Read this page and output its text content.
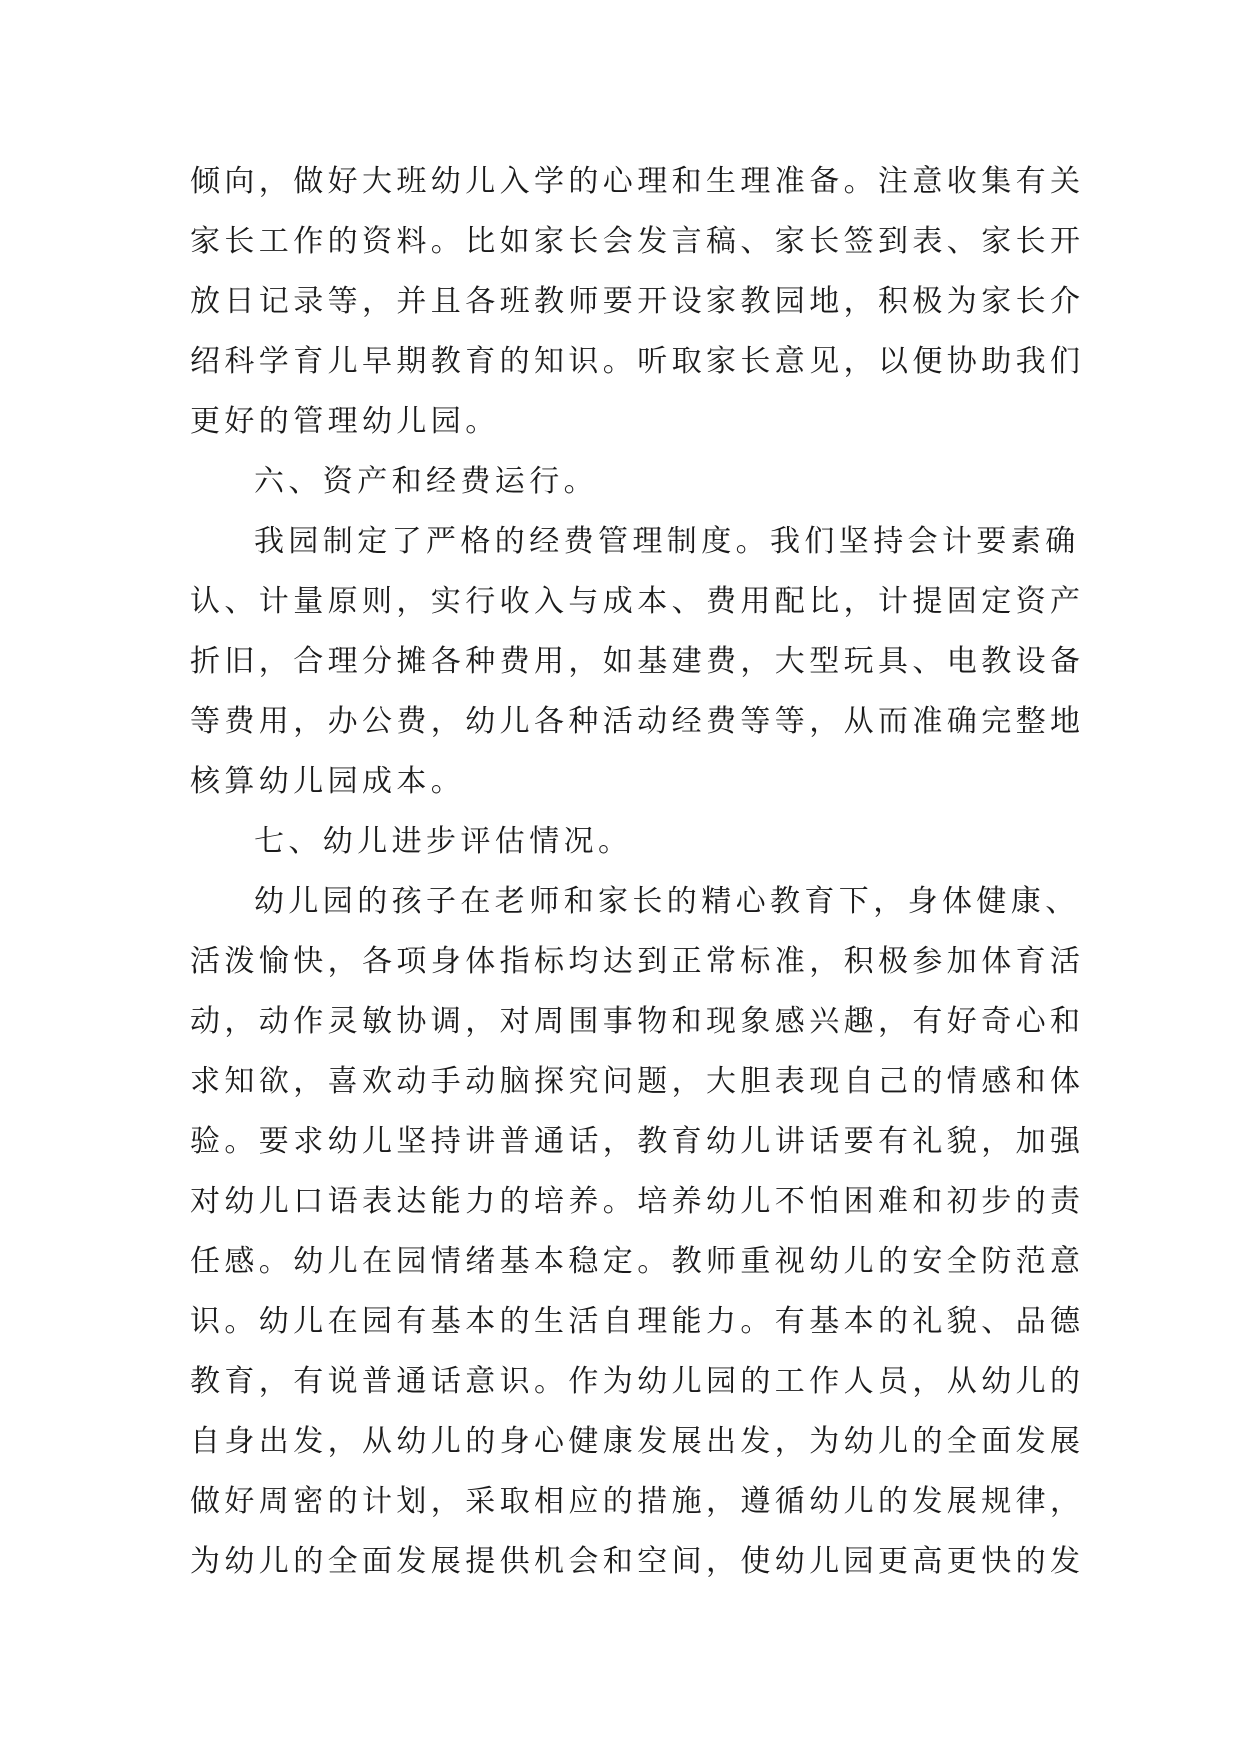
倾向，做好大班幼儿入学的心理和生理准备。注意收集有关
家长工作的资料。比如家长会发言稿、家长签到表、家长开
放日记录等，并且各班教师要开设家教园地，积极为家长介
绍科学育儿早期教育的知识。听取家长意见，以便协助我们
更好的管理幼儿园。
六、资产和经费运行。
我园制定了严格的经费管理制度。我们坚持会计要素确
认、计量原则，实行收入与成本、费用配比，计提固定资产
折旧，合理分摊各种费用，如基建费，大型玩具、电教设备
等费用，办公费，幼儿各种活动经费等等，从而准确完整地
核算幼儿园成本。
七、幼儿进步评估情况。
幼儿园的孩子在老师和家长的精心教育下，身体健康、
活泼愉快，各项身体指标均达到正常标准，积极参加体育活
动，动作灵敏协调，对周围事物和现象感兴趣，有好奇心和
求知欲，喜欢动手动脑探究问题，大胆表现自己的情感和体
验。要求幼儿坚持讲普通话，教育幼儿讲话要有礼貌，加强
对幼儿口语表达能力的培养。培养幼儿不怕困难和初步的责
任感。幼儿在园情绪基本稳定。教师重视幼儿的安全防范意
识。幼儿在园有基本的生活自理能力。有基本的礼貌、品德
教育，有说普通话意识。作为幼儿园的工作人员，从幼儿的
自身出发，从幼儿的身心健康发展出发，为幼儿的全面发展
做好周密的计划，采取相应的措施，遵循幼儿的发展规律，
为幼儿的全面发展提供机会和空间，使幼儿园更高更快的发
